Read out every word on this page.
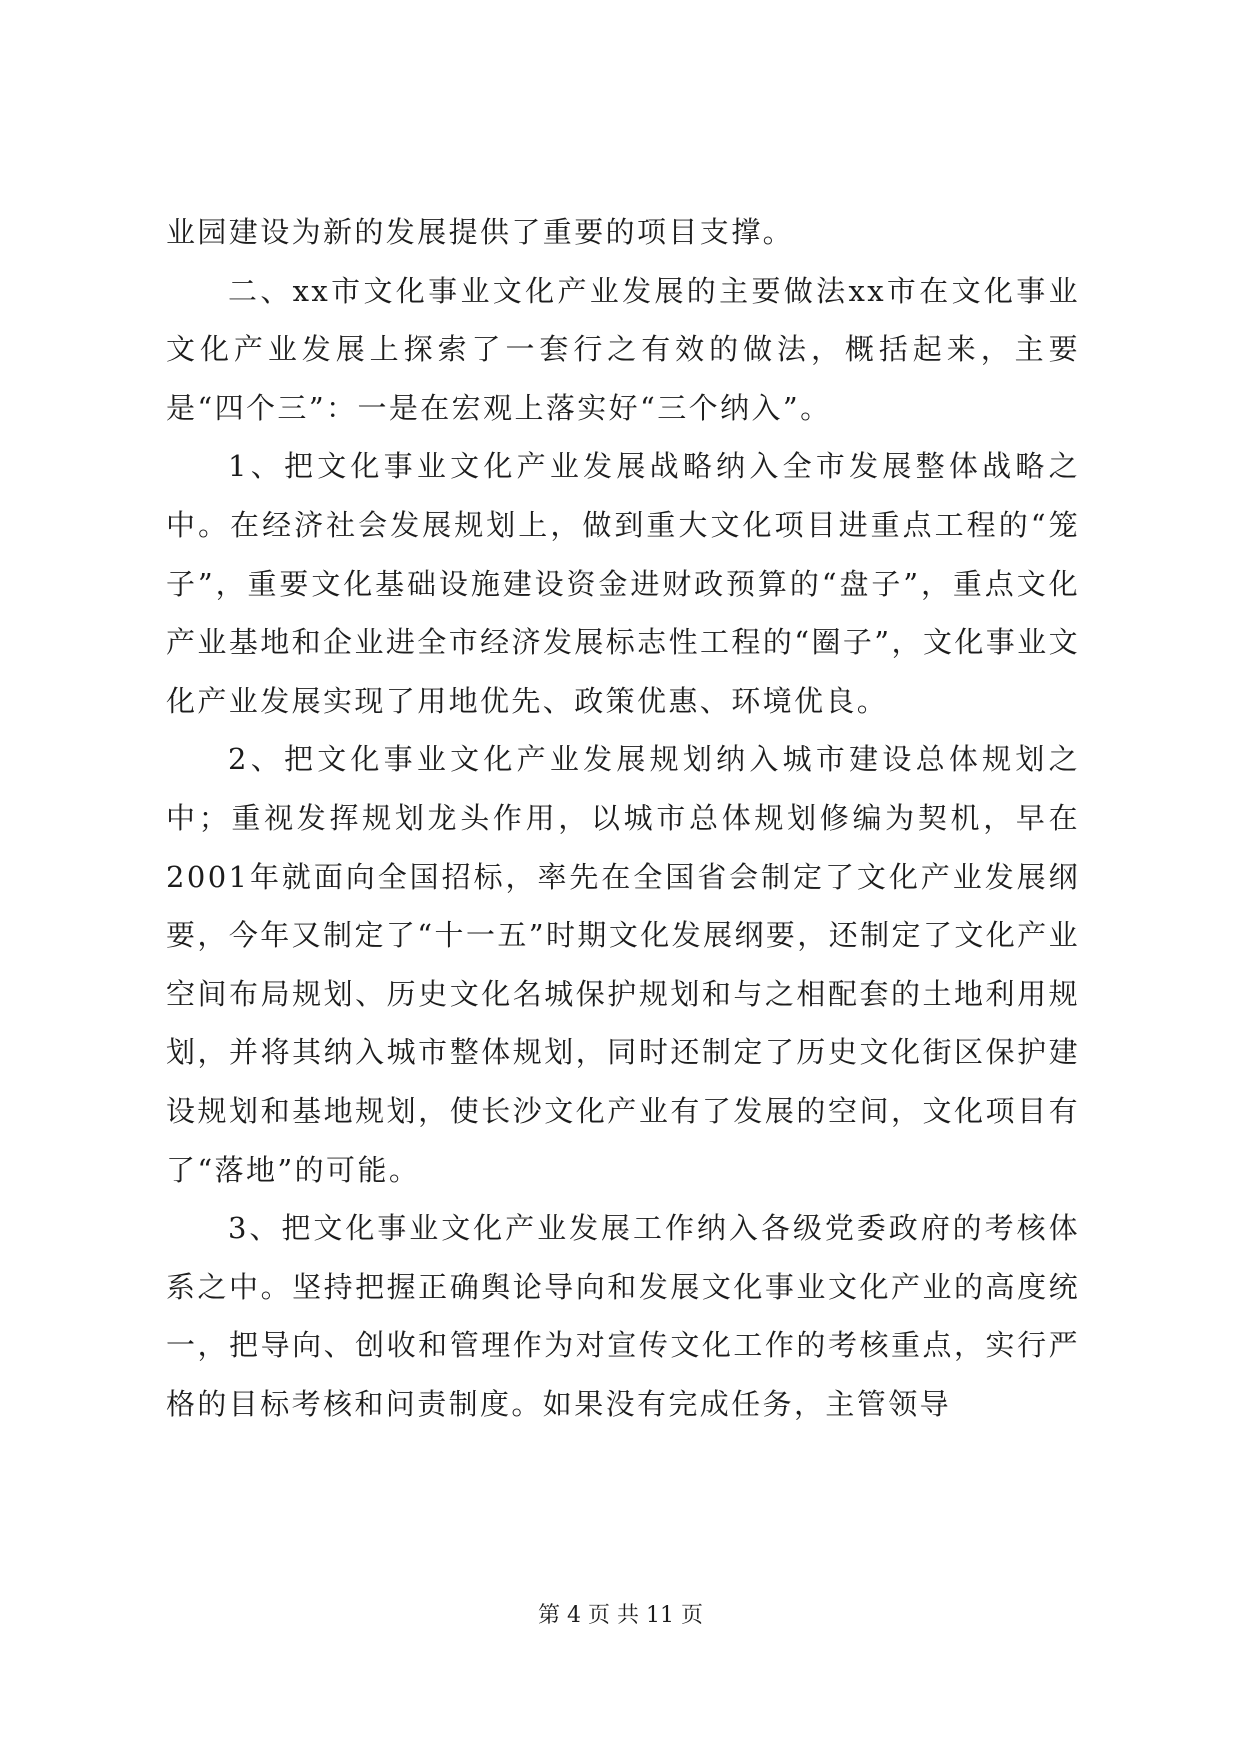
业园建设为新的发展提供了重要的项目支撑。

二、xx市文化事业文化产业发展的主要做法xx市在文化事业文化产业发展上探索了一套行之有效的做法，概括起来，主要是“四个三”：一是在宏观上落实好“三个纳入”。

1、把文化事业文化产业发展战略纳入全市发展整体战略之中。在经济社会发展规划上，做到重大文化项目进重点工程的“笼子”，重要文化基础设施建设资金进财政预算的“盘子”，重点文化产业基地和企业进全市经济发展标志性工程的“圈子”，文化事业文化产业发展实现了用地优先、政策优惠、环境优良。

2、把文化事业文化产业发展规划纳入城市建设总体规划之中；重视发挥规划龙头作用，以城市总体规划修编为契机，早在2001年就面向全国招标，率先在全国省会制定了文化产业发展纲要，今年又制定了“十一五”时期文化发展纲要，还制定了文化产业空间布局规划、历史文化名城保护规划和与之相配套的土地利用规划，并将其纳入城市整体规划，同时还制定了历史文化街区保护建设规划和基地规划，使长沙文化产业有了发展的空间，文化项目有了“落地”的可能。

3、把文化事业文化产业发展工作纳入各级党委政府的考核体系之中。坚持把握正确舆论导向和发展文化事业文化产业的高度统一，把导向、创收和管理作为对宣传文化工作的考核重点，实行严格的目标考核和问责制度。如果没有完成任务，主管领导

第 4 页 共 11 页
